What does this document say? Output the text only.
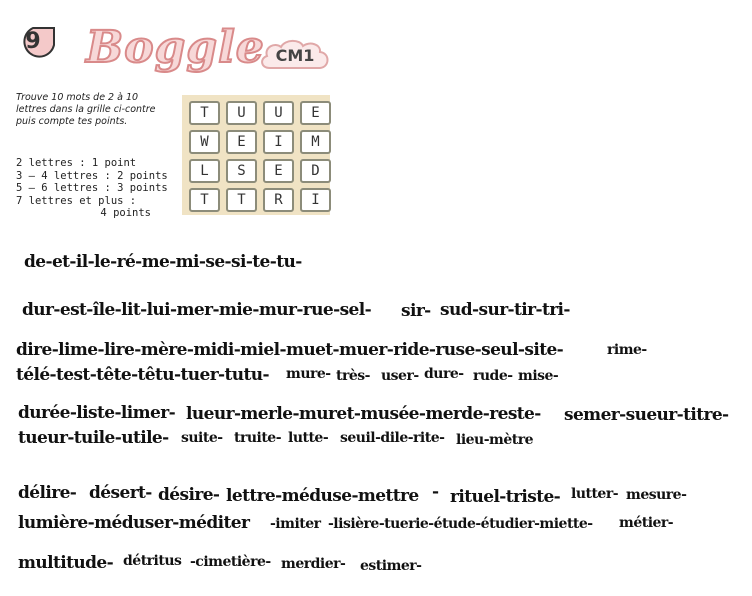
9 Boggle CM1
Trouve 10 mots de 2 à 10 lettres dans la grille ci-contre puis compte tes points.
2 lettres : 1 point
3 – 4 lettres : 2 points
5 – 6 lettres : 3 points
7 lettres et plus :
4 points
T	U	U	E
W	E	I	M
L	S	E	D
T	T	R	I
de-et-il-le-ré-me-mi-se-si-te-tu-
dur-est-île-lit-lui-mer-mie-mur-rue-sel- sir- sud-sur-tir-tri-
dire-lime-lire-mère-midi-miel-muet-muer-ride-ruse-seul-site-	rime-
télé-test-tête-têtu-tuer-tutu- mure- très- user- dure- rude- mise-
durée-liste-limer- lueur-merle-muret-musée-merde-reste- semer-sueur-titre-
tueur-tuile-utile- suite- truite- lutte- seuil-dile-rite- lieu-mètre
délire- désert- désire- lettre-méduse-mettre - rituel-triste- lutter- mesure-
lumière-méduser-méditer -imiter -lisière-tuerie-étude-étudier-miette- métier-
multitude- détritus -cimetière- merdier- estimer-
